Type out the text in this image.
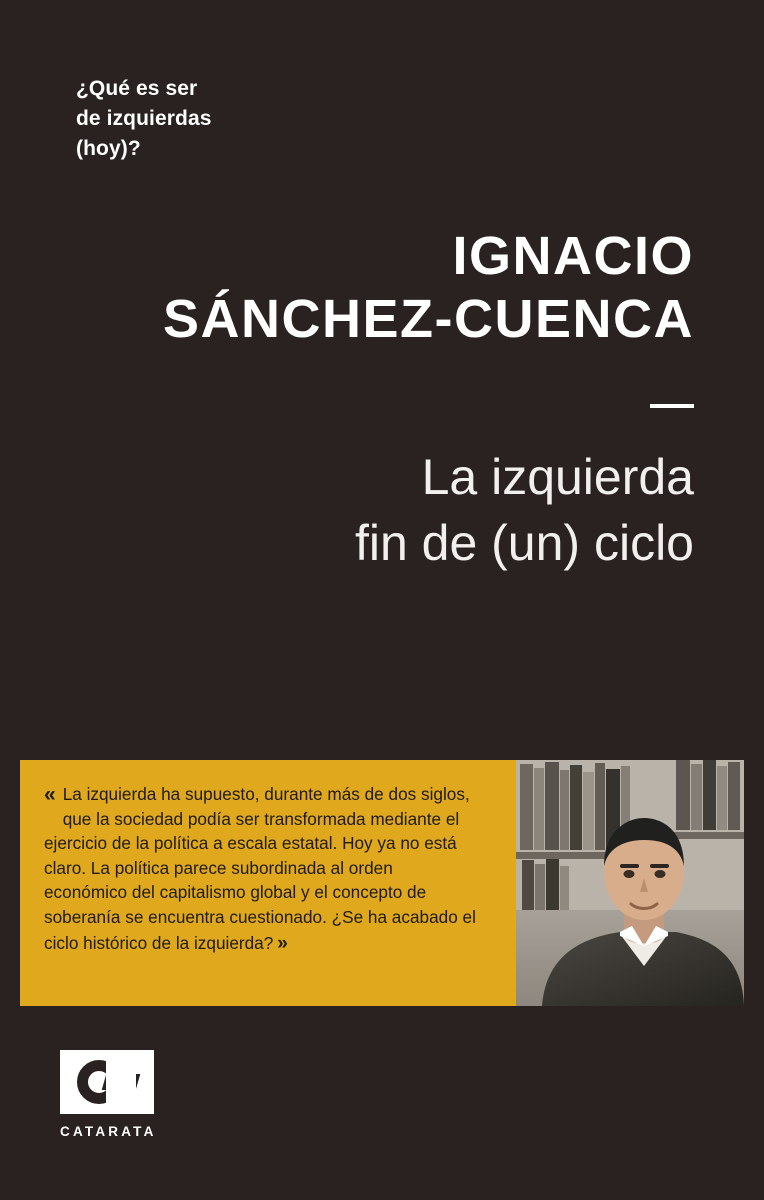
¿Qué es ser
de izquierdas
(hoy)?
IGNACIO
SÁNCHEZ-CUENCA
La izquierda
fin de (un) ciclo
« La izquierda ha supuesto, durante más de dos siglos, que la sociedad podía ser transformada mediante el ejercicio de la política a escala estatal. Hoy ya no está claro. La política parece subordinada al orden económico del capitalismo global y el concepto de soberanía se encuentra cuestionado. ¿Se ha acabado el ciclo histórico de la izquierda? »
CATARATA
